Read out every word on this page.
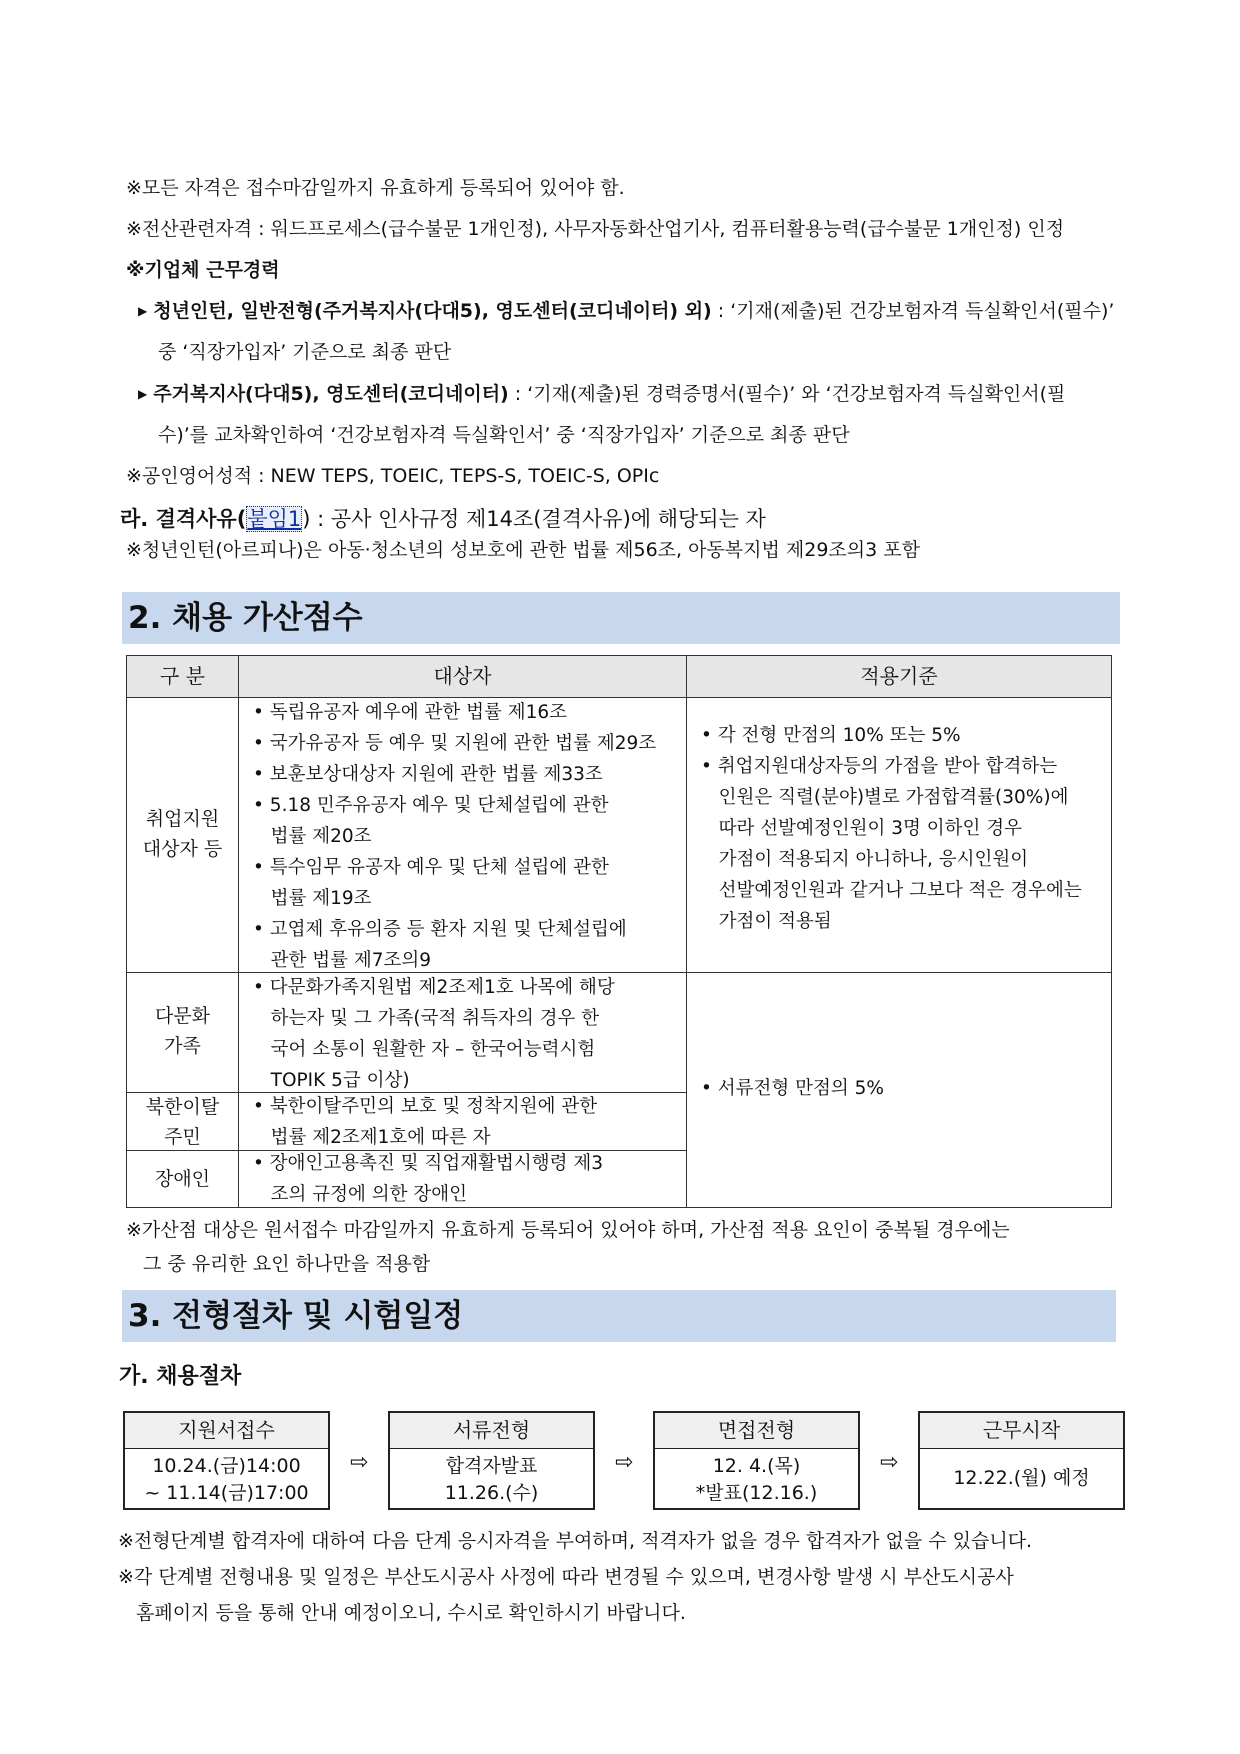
※모든 자격은 접수마감일까지 유효하게 등록되어 있어야 함.
※전산관련자격 : 워드프로세스(급수불문 1개인정), 사무자동화산업기사, 컴퓨터활용능력(급수불문 1개인정) 인정
※기업체 근무경력
▶ 청년인턴, 일반전형(주거복지사(다대5), 영도센터(코디네이터) 외) : ‘기재(제출)된 건강보험자격 득실확인서(필수)’
중 ‘직장가입자’ 기준으로 최종 판단
▶ 주거복지사(다대5), 영도센터(코디네이터) : ‘기재(제출)된 경력증명서(필수)’ 와 ‘건강보험자격 득실확인서(필
수)’를 교차확인하여 ‘건강보험자격 득실확인서’ 중 ‘직장가입자’ 기준으로 최종 판단
※공인영어성적 : NEW TEPS, TOEIC, TEPS-S, TOEIC-S, OPIc
라. 결격사유(붙임1) : 공사 인사규정 제14조(결격사유)에 해당되는 자
※청년인턴(아르피나)은 아동·청소년의 성보호에 관한 법률 제56조, 아동복지법 제29조의3 포함
2. 채용 가산점수
구 분	대상자	적용기준
취업지원
대상자 등
• 독립유공자 예우에 관한 법률 제16조
• 국가유공자 등 예우 및 지원에 관한 법률 제29조
• 보훈보상대상자 지원에 관한 법률 제33조
• 5.18 민주유공자 예우 및 단체설립에 관한
법률 제20조
• 특수임무 유공자 예우 및 단체 설립에 관한
법률 제19조
• 고엽제 후유의증 등 환자 지원 및 단체설립에
관한 법률 제7조의9
• 각 전형 만점의 10% 또는 5%
• 취업지원대상자등의 가점을 받아 합격하는
인원은 직렬(분야)별로 가점합격률(30%)에
따라 선발예정인원이 3명 이하인 경우
가점이 적용되지 아니하나, 응시인원이
선발예정인원과 같거나 그보다 적은 경우에는
가점이 적용됨
다문화
가족
• 다문화가족지원법 제2조제1호 나목에 해당
하는자 및 그 가족(국적 취득자의 경우 한
국어 소통이 원활한 자 – 한국어능력시험
TOPIK 5급 이상)
북한이탈
주민
• 북한이탈주민의 보호 및 정착지원에 관한
법률 제2조제1호에 따른 자
장애인
• 장애인고용촉진 및 직업재활법시행령 제3
조의 규정에 의한 장애인
• 서류전형 만점의 5%
※가산점 대상은 원서접수 마감일까지 유효하게 등록되어 있어야 하며, 가산점 적용 요인이 중복될 경우에는
그 중 유리한 요인 하나만을 적용함
3. 전형절차 및 시험일정
가. 채용절차
지원서접수
10.24.(금)14:00
~ 11.14(금)17:00
⇨
서류전형
합격자발표
11.26.(수)
⇨
면접전형
12. 4.(목)
*발표(12.16.)
⇨
근무시작
12.22.(월) 예정
※전형단계별 합격자에 대하여 다음 단계 응시자격을 부여하며, 적격자가 없을 경우 합격자가 없을 수 있습니다.
※각 단계별 전형내용 및 일정은 부산도시공사 사정에 따라 변경될 수 있으며, 변경사항 발생 시 부산도시공사
홈페이지 등을 통해 안내 예정이오니, 수시로 확인하시기 바랍니다.
